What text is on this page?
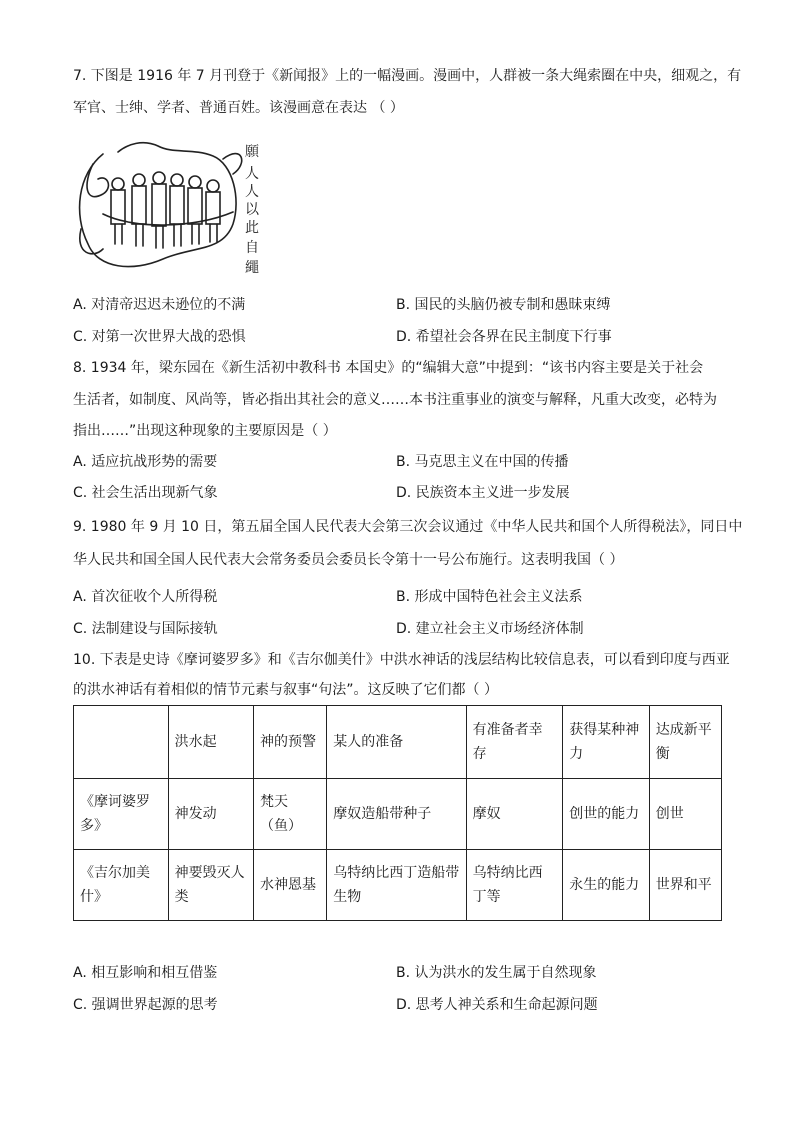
7. 下图是 1916 年 7 月刊登于《新闻报》上的一幅漫画。漫画中，人群被一条大绳索圈在中央，细观之，有
军官、士绅、学者、普通百姓。该漫画意在表达 （ ）
願
人
人
以
此
自
繩
A. 对清帝迟迟未逊位的不满	B. 国民的头脑仍被专制和愚昧束缚
C. 对第一次世界大战的恐惧	D. 希望社会各界在民主制度下行事
8. 1934 年，梁东园在《新生活初中教科书 本国史》的“编辑大意”中提到：“该书内容主要是关于社会
生活者，如制度、风尚等，皆必指出其社会的意义……本书注重事业的演变与解释，凡重大改变，必特为
指出……”出现这种现象的主要原因是（ ）
A. 适应抗战形势的需要	B. 马克思主义在中国的传播
C. 社会生活出现新气象	D. 民族资本主义进一步发展
9. 1980 年 9 月 10 日，第五届全国人民代表大会第三次会议通过《中华人民共和国个人所得税法》，同日中
华人民共和国全国人民代表大会常务委员会委员长令第十一号公布施行。这表明我国（ ）
A. 首次征收个人所得税	B. 形成中国特色社会主义法系
C. 法制建设与国际接轨	D. 建立社会主义市场经济体制
10. 下表是史诗《摩诃婆罗多》和《吉尔伽美什》中洪水神话的浅层结构比较信息表，可以看到印度与西亚
的洪水神话有着相似的情节元素与叙事“句法”。这反映了它们都（ ）
	洪水起	神的预警	某人的准备	有准备者幸存	获得某种神力	达成新平衡
《摩诃婆罗多》	神发动	梵天（鱼）	摩奴造船带种子	摩奴	创世的能力	创世
《吉尔加美什》	神要毁灭人类	水神恩基	乌特纳比西丁造船带生物	乌特纳比西丁等	永生的能力	世界和平
A. 相互影响和相互借鉴	B. 认为洪水的发生属于自然现象
C. 强调世界起源的思考	D. 思考人神关系和生命起源问题
